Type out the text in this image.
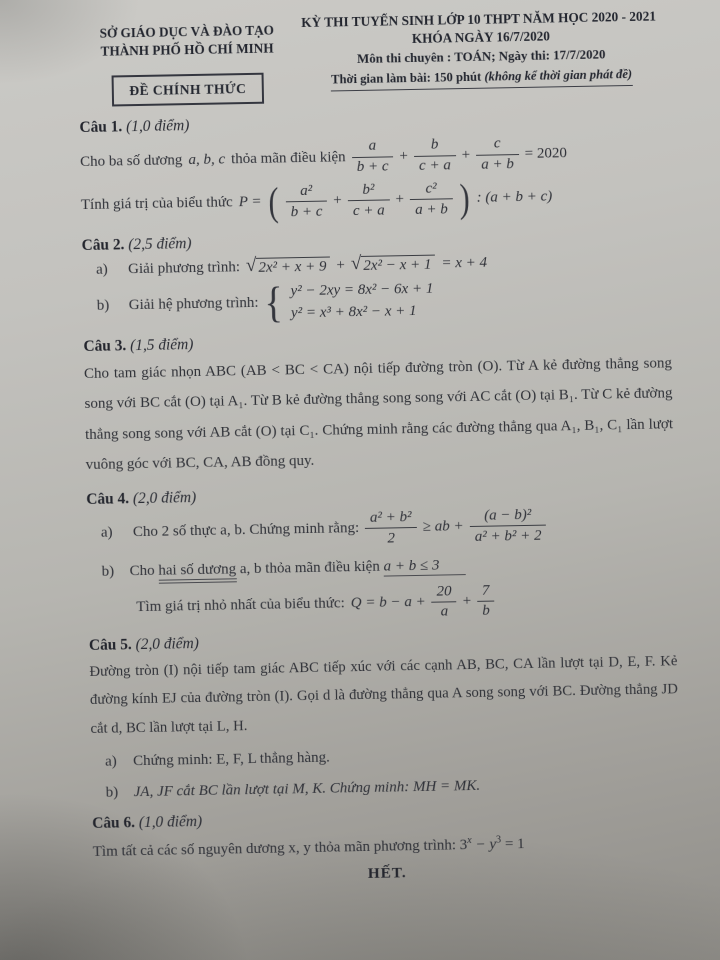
SỞ GIÁO DỤC VÀ ĐÀO TẠO
THÀNH PHỐ HỒ CHÍ MINH
ĐỀ CHÍNH THỨC
KỲ THI TUYỂN SINH LỚP 10 THPT NĂM HỌC 2020 - 2021
KHÓA NGÀY 16/7/2020
Môn thi chuyên : TOÁN; Ngày thi: 17/7/2020
Thời gian làm bài: 150 phút (không kể thời gian phát đề)
Câu 1. (1,0 điểm)
Cho ba số dương a, b, c thỏa mãn điều kiện $\frac{a}{b + c} + \frac{b}{c + a} + \frac{c}{a + b} = 2020$
Tính giá trị của biểu thức P = ( $\frac{\text{a²}}{b + c} + \frac{\text{b²}}{c + a} + \frac{\text{c²}}{a + b}$ ) : (a + b + c)
Câu 2. (2,5 điểm)
a)	Giải phương trình: √ 2x² + x + 9 + √ 2x² − x + 1 = x + 4
b)	Giải hệ phương trình: { y² − 2xy = 8x² − 6x + 1
y² = x³ + 8x² − x + 1
Câu 3. (1,5 điểm)

Cho tam giác nhọn ABC (AB < BC < CA) nội tiếp đường tròn (O). Từ A kẻ đường thẳng song song với BC cắt (O) tại A₁. Từ B kẻ đường thẳng song song với AC cắt (O) tại B₁. Từ C kẻ đường thẳng song song với AB cắt (O) tại C₁. Chứng minh rằng các đường thẳng qua A₁, B₁, C₁ lần lượt vuông góc với BC, CA, AB đồng quy.

Câu 4. (2,0 điểm)
a)	Cho 2 số thực a, b. Chứng minh rằng: $\frac{\text{a² + b²}}{2}$ ≥ ab + $\frac{\text{(a − b)²}}{\text{a² + b² + 2}}$

b) Cho hai số dương a, b thỏa mãn điều kiện a + b ≤ 3

Tìm giá trị nhỏ nhất của biểu thức: $Q = b - a + \frac{20}{a} + \frac{7}{b}$
Câu 5. (2,0 điểm)

Đường tròn (I) nội tiếp tam giác ABC tiếp xúc với các cạnh AB, BC, CA lần lượt tại D, E, F. Kẻ đường kính EJ của đường tròn (I). Gọi d là đường thẳng qua A song song với BC. Đường thẳng JD cắt d, BC lần lượt tại L, H.

a) Chứng minh: E, F, L thẳng hàng.

b) JA, JF cắt BC lần lượt tại M, K. Chứng minh: MH = MK.

Câu 6. (1,0 điểm)

Tìm tất cả các số nguyên dương x, y thỏa mãn phương trình: $3^x - y^3 = 1$

HẾT.
